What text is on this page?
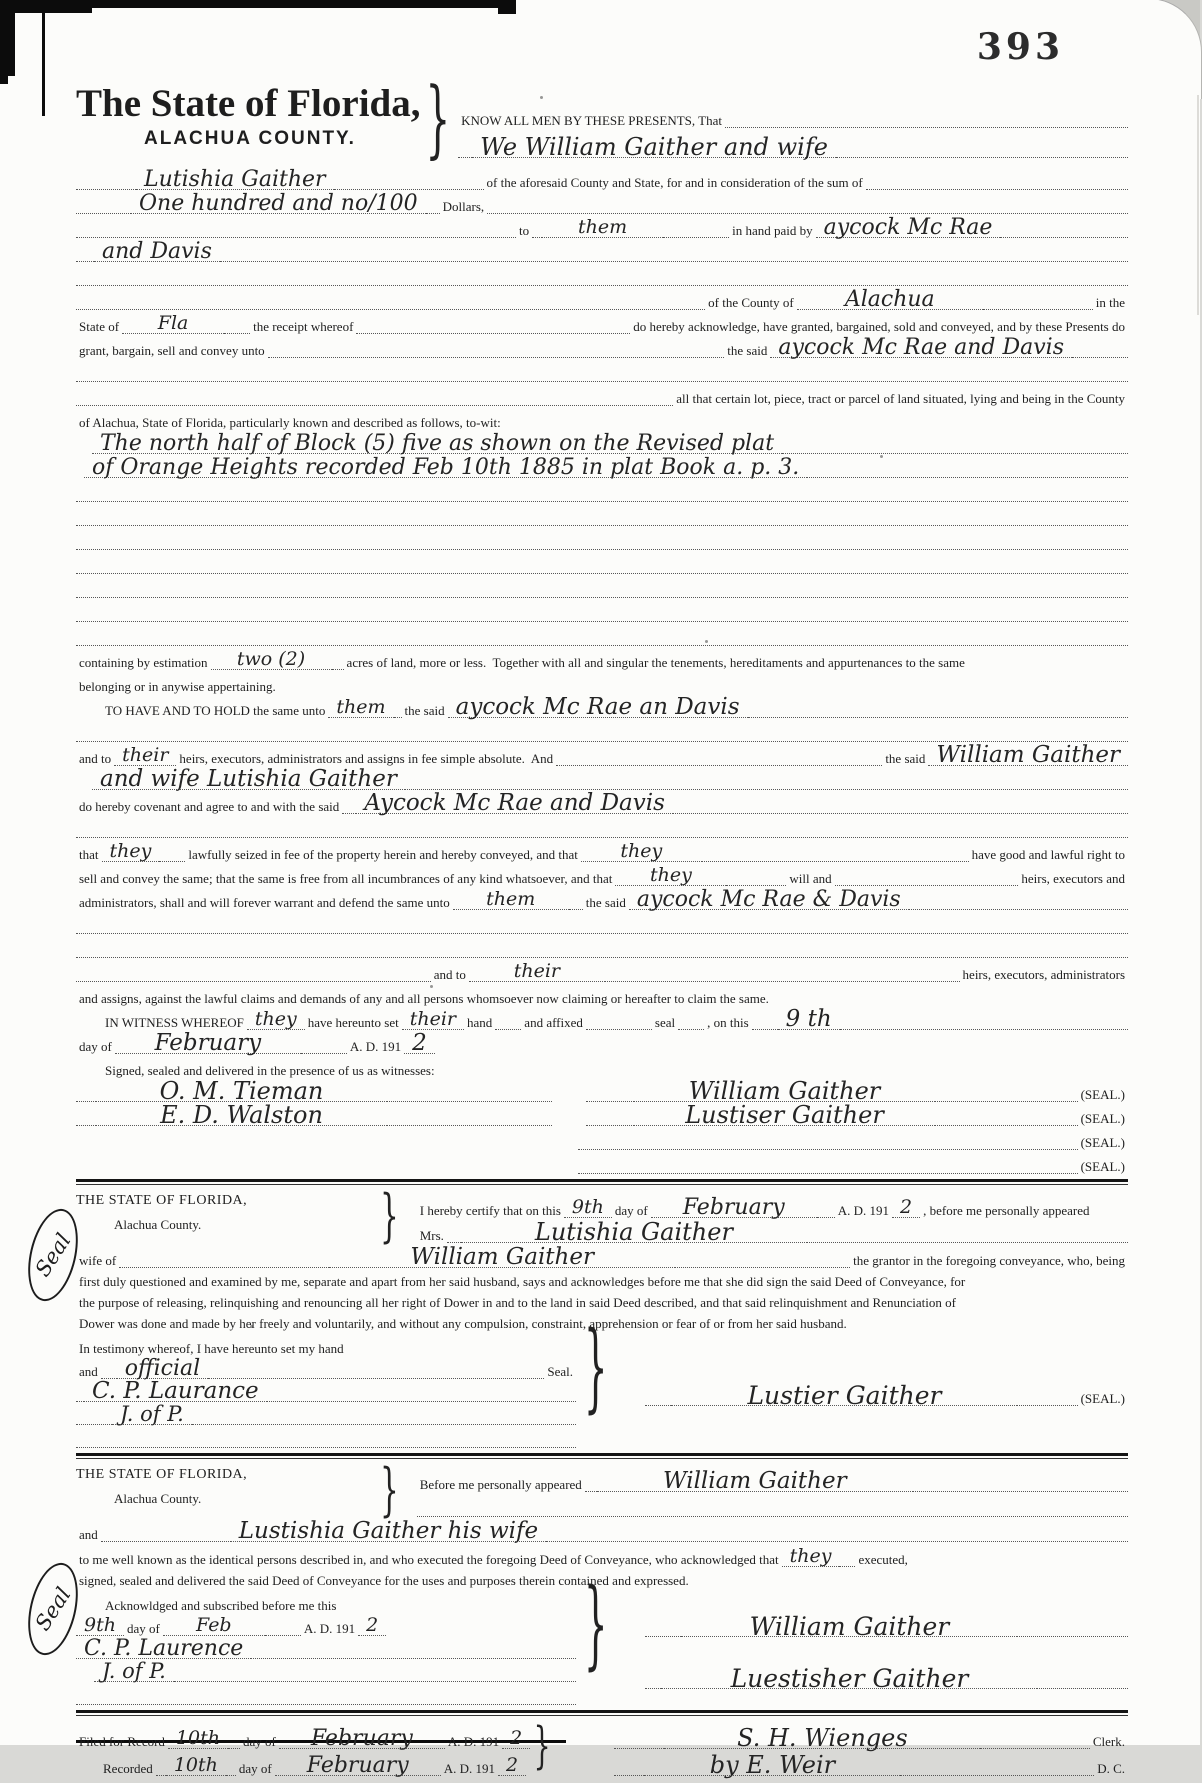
393
Seal
Seal
The State of Florida,
ALACHUA COUNTY.	} KNOW ALL MEN BY THESE PRESENTS, That
We William Gaither and wife
Lutishia Gaither	of the aforesaid County and State, for and in consideration of the sum of
One hundred and no/100	Dollars,
to	them	in hand paid by aycock Mc Rae
and Davis
of the County of	Alachua	in the
State of	Fla	the receipt whereof	do hereby acknowledge, have granted, bargained, sold and conveyed, and by these Presents do
grant, bargain, sell and convey unto	the said aycock Mc Rae and Davis
all that certain lot, piece, tract or parcel of land situated, lying and being in the County
of Alachua, State of Florida, particularly known and described as follows, to-wit:
The north half of Block (5) five as shown on the Revised plat
of Orange Heights recorded Feb 10th 1885 in plat Book a. p. 3.
containing by estimation	two (2)	acres of land, more or less.  Together with all and singular the tenements, hereditaments and appurtenances to the same
belonging or in anywise appertaining.
TO HAVE AND TO HOLD the same unto them	the said aycock Mc Rae an Davis
and to their heirs, executors, administrators and assigns in fee simple absolute.  And	the said William Gaither
and wife Lutishia Gaither
do hereby covenant and agree to and with the said	Aycock Mc Rae and Davis
that they	lawfully seized in fee of the property herein and hereby conveyed, and that	they	have good and lawful right to
sell and convey the same; that the same is free from all incumbrances of any kind whatsoever, and that	they	will and	heirs, executors and
administrators, shall and will forever warrant and defend the same unto	them	the said aycock Mc Rae & Davis
and to	their	heirs, executors, administrators
and assigns, against the lawful claims and demands of any and all persons whomsoever now claiming or hereafter to claim the same.
IN WITNESS WHEREOF they have hereunto set their hand and affixed	seal , on this	9 th
day of	February	A. D. 191 2
Signed, sealed and delivered in the presence of us as witnesses:
O. M. Tieman	William Gaither	(SEAL.)
E. D. Walston	Lustiser Gaither	(SEAL.)
(SEAL.)
(SEAL.)
THE STATE OF FLORIDA,
Alachua County.	} I hereby certify that on this 9th day of	February	A. D. 191 2 , before me personally appeared
Mrs.	Lutishia Gaither
wife of	William Gaither	the grantor in the foregoing conveyance, who, being
first duly questioned and examined by me, separate and apart from her said husband, says and acknowledges before me that she did sign the said Deed of Conveyance, for
the purpose of releasing, relinquishing and renouncing all her right of Dower in and to the land in said Deed described, and that said relinquishment and Renunciation of
Dower was done and made by her freely and voluntarily, and without any compulsion, constraint, apprehension or fear of or from her said husband.
In testimony whereof, I have hereunto set my hand
and	official	Seal.
C. P. Laurance
J. of P.	}	Lustier Gaither	(SEAL.)
THE STATE OF FLORIDA,
Alachua County.	} Before me personally appeared	William Gaither
and	Lustishia Gaither his wife
to me well known as the identical persons described in, and who executed the foregoing Deed of Conveyance, who acknowledged that they	executed,
signed, sealed and delivered the said Deed of Conveyance for the uses and purposes therein contained and expressed.
Acknowldged and subscribed before me this
9th day of	Feb	A. D. 191 2
C. P. Laurence
J. of P.	}	William Gaither
Luestisher Gaither
Filed for Record 10th	day of	February	A. D. 191 2
Recorded	10th	day of	February	A. D. 191 2 }	S. H. Wienges	Clerk.
by E. Weir	D. C.
